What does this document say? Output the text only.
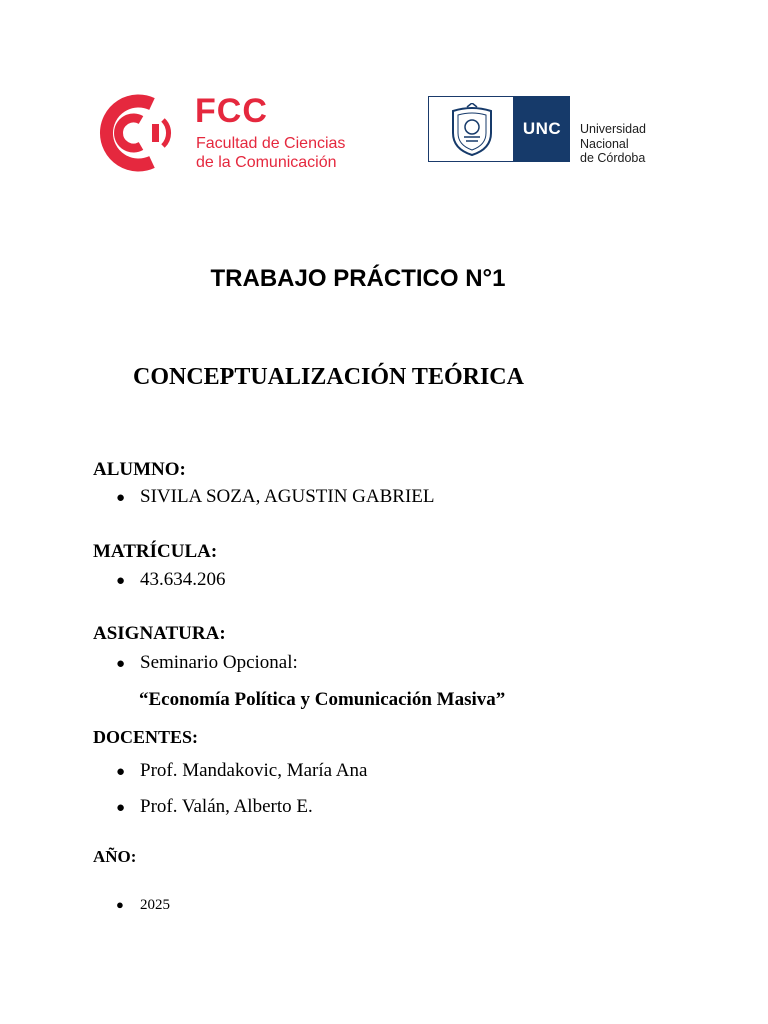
FCC
Facultad de Ciencias
de la Comunicación
UNC	Universidad
Nacional
de Córdoba
TRABAJO PRÁCTICO N°1
CONCEPTUALIZACIÓN TEÓRICA
ALUMNO:
● SIVILA SOZA, AGUSTIN GABRIEL
MATRÍCULA:
● 43.634.206
ASIGNATURA:
● Seminario Opcional:
“Economía Política y Comunicación Masiva”
DOCENTES:
● Prof. Mandakovic, María Ana
● Prof. Valán, Alberto E.
AÑO:
● 2025
